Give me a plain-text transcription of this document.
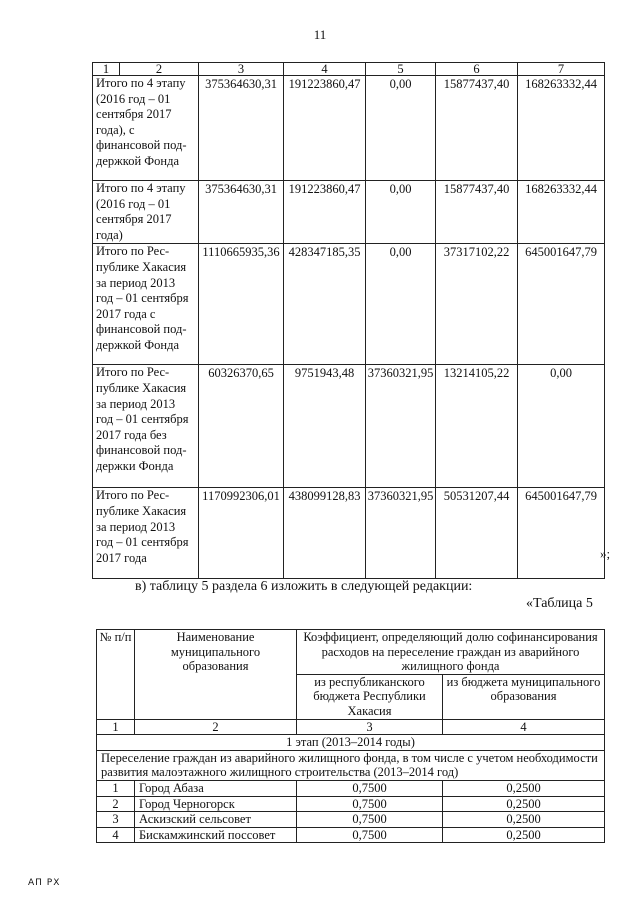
11
1	2	3	4	5	6	7
Итого по 4 этапу (2016 год – 01 сентября 2017 года), с финансовой под-держкой Фонда		375364630,31	191223860,47	0,00	15877437,40	168263332,44
Итого по 4 этапу (2016 год – 01 сентября 2017 года)		375364630,31	191223860,47	0,00	15877437,40	168263332,44
Итого по Рес-публике Хакасия за период 2013 год – 01 сентября 2017 года с финансовой под-держкой Фонда		1110665935,36	428347185,35	0,00	37317102,22	645001647,79
Итого по Рес-публике Хакасия за период 2013 год – 01 сентября 2017 года без финансовой под-держки Фонда		60326370,65	9751943,48	37360321,95	13214105,22	0,00
Итого по Рес-публике Хакасия за период 2013 год – 01 сентября 2017 года		1170992306,01	438099128,83	37360321,95	50531207,44	645001647,79
»;
в) таблицу 5 раздела 6 изложить в следующей редакции:
«Таблица 5
№ п/п	Наименование муниципального образования	Коэффициент, определяющий долю софинансирования расходов на переселение граждан из аварийного жилищного фонда	
		из республиканского бюджета Республики Хакасия	из бюджета муниципального образования
1	2	3	4
1 этап (2013–2014 годы)			
Переселение граждан из аварийного жилищного фонда, в том числе с учетом необходимости развития малоэтажного жилищного строительства (2013–2014 год)			
1	Город Абаза	0,7500	0,2500
2	Город Черногорск	0,7500	0,2500
3	Аскизский сельсовет	0,7500	0,2500
4	Бискамжинский поссовет	0,7500	0,2500
АП РХ
